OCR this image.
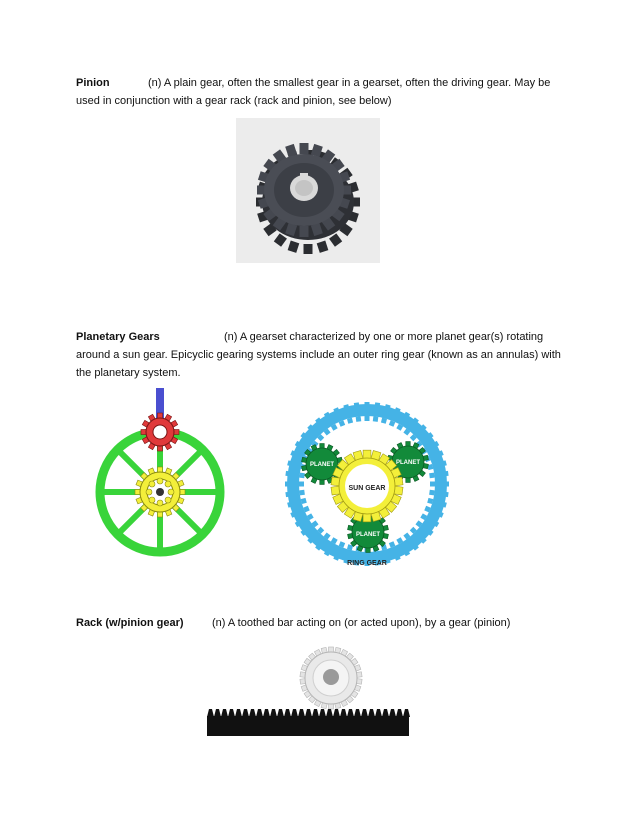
Pinion	(n) A plain gear, often the smallest gear in a gearset, often the driving gear. May be used in conjunction with a gear rack (rack and pinion, see below)
Planetary Gears	(n) A gearset characterized by one or more planet gear(s) rotating around a sun gear. Epicyclic gearing systems include an outer ring gear (known as an annulas) with the planetary system.
PLANET	PLANET
PLANET
SUN GEAR
RING GEAR
Rack (w/pinion gear)	(n) A toothed bar acting on (or acted upon), by a gear (pinion)
